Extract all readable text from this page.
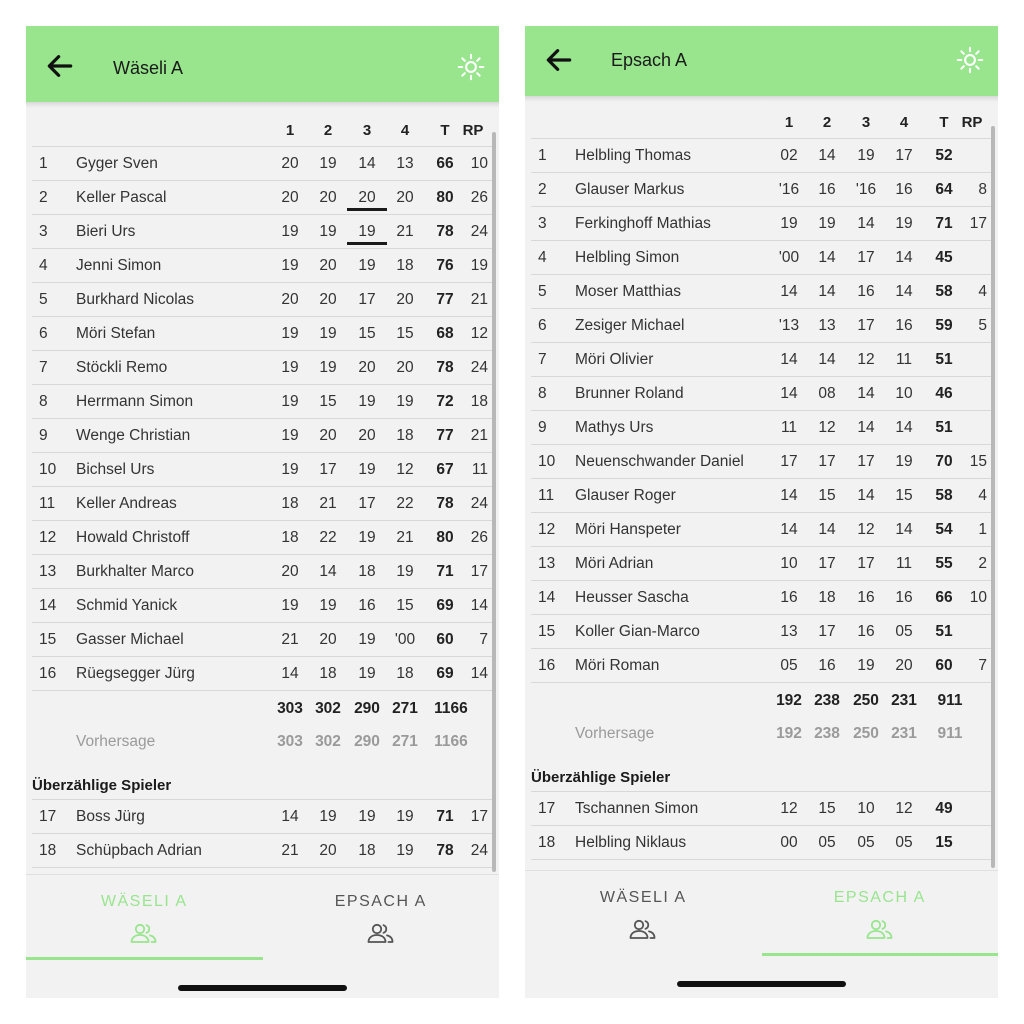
Wäseli A
1	2	3	4	T RP
1 Gyger Sven	20	19	14	13	66	10
2 Keller Pascal	20	20	20	20	80	26
3 Bieri Urs	19	19	19	21	78	24
4 Jenni Simon	19	20	19	18	76	19
5 Burkhard Nicolas	20	20	17	20	77	21
6 Möri Stefan	19	19	15	15	68	12
7 Stöckli Remo	19	19	20	20	78	24
8 Herrmann Simon	19	15	19	19	72	18
9 Wenge Christian	19	20	20	18	77	21
10 Bichsel Urs	19	17	19	12	67	11
11 Keller Andreas	18	21	17	22	78	24
12 Howald Christoff	18	22	19	21	80	26
13 Burkhalter Marco	20	14	18	19	71	17
14 Schmid Yanick	19	19	16	15	69	14
15 Gasser Michael	21	20	19	'00	60	7
16 Rüegsegger Jürg	14	18	19	18	69	14
303 302 290 271	1166
Vorhersage	303 302 290 271	1166
Überzählige Spieler
17 Boss Jürg	14	19	19	19	71	17
18 Schüpbach Adrian	21	20	18	19	78	24
WÄSELI A	EPSACH A
Epsach A
1	2	3	4	T RP
1 Helbling Thomas	02	14	19	17	52
2 Glauser Markus	'16	16	'16	16	64	8
3 Ferkinghoff Mathias	19	19	14	19	71	17
4 Helbling Simon	'00	14	17	14	45
5 Moser Matthias	14	14	16	14	58	4
6 Zesiger Michael	'13	13	17	16	59	5
7 Möri Olivier	14	14	12	11	51
8 Brunner Roland	14	08	14	10	46
9 Mathys Urs	11	12	14	14	51
10 Neuenschwander Daniel	17	17	17	19	70	15
11 Glauser Roger	14	15	14	15	58	4
12 Möri Hanspeter	14	14	12	14	54	1
13 Möri Adrian	10	17	17	11	55	2
14 Heusser Sascha	16	18	16	16	66	10
15 Koller Gian-Marco	13	17	16	05	51
16 Möri Roman	05	16	19	20	60	7
192 238 250 231	911
Vorhersage	192 238 250 231	911
Überzählige Spieler
17 Tschannen Simon	12	15	10	12	49
18 Helbling Niklaus	00	05	05	05	15
WÄSELI A	EPSACH A
